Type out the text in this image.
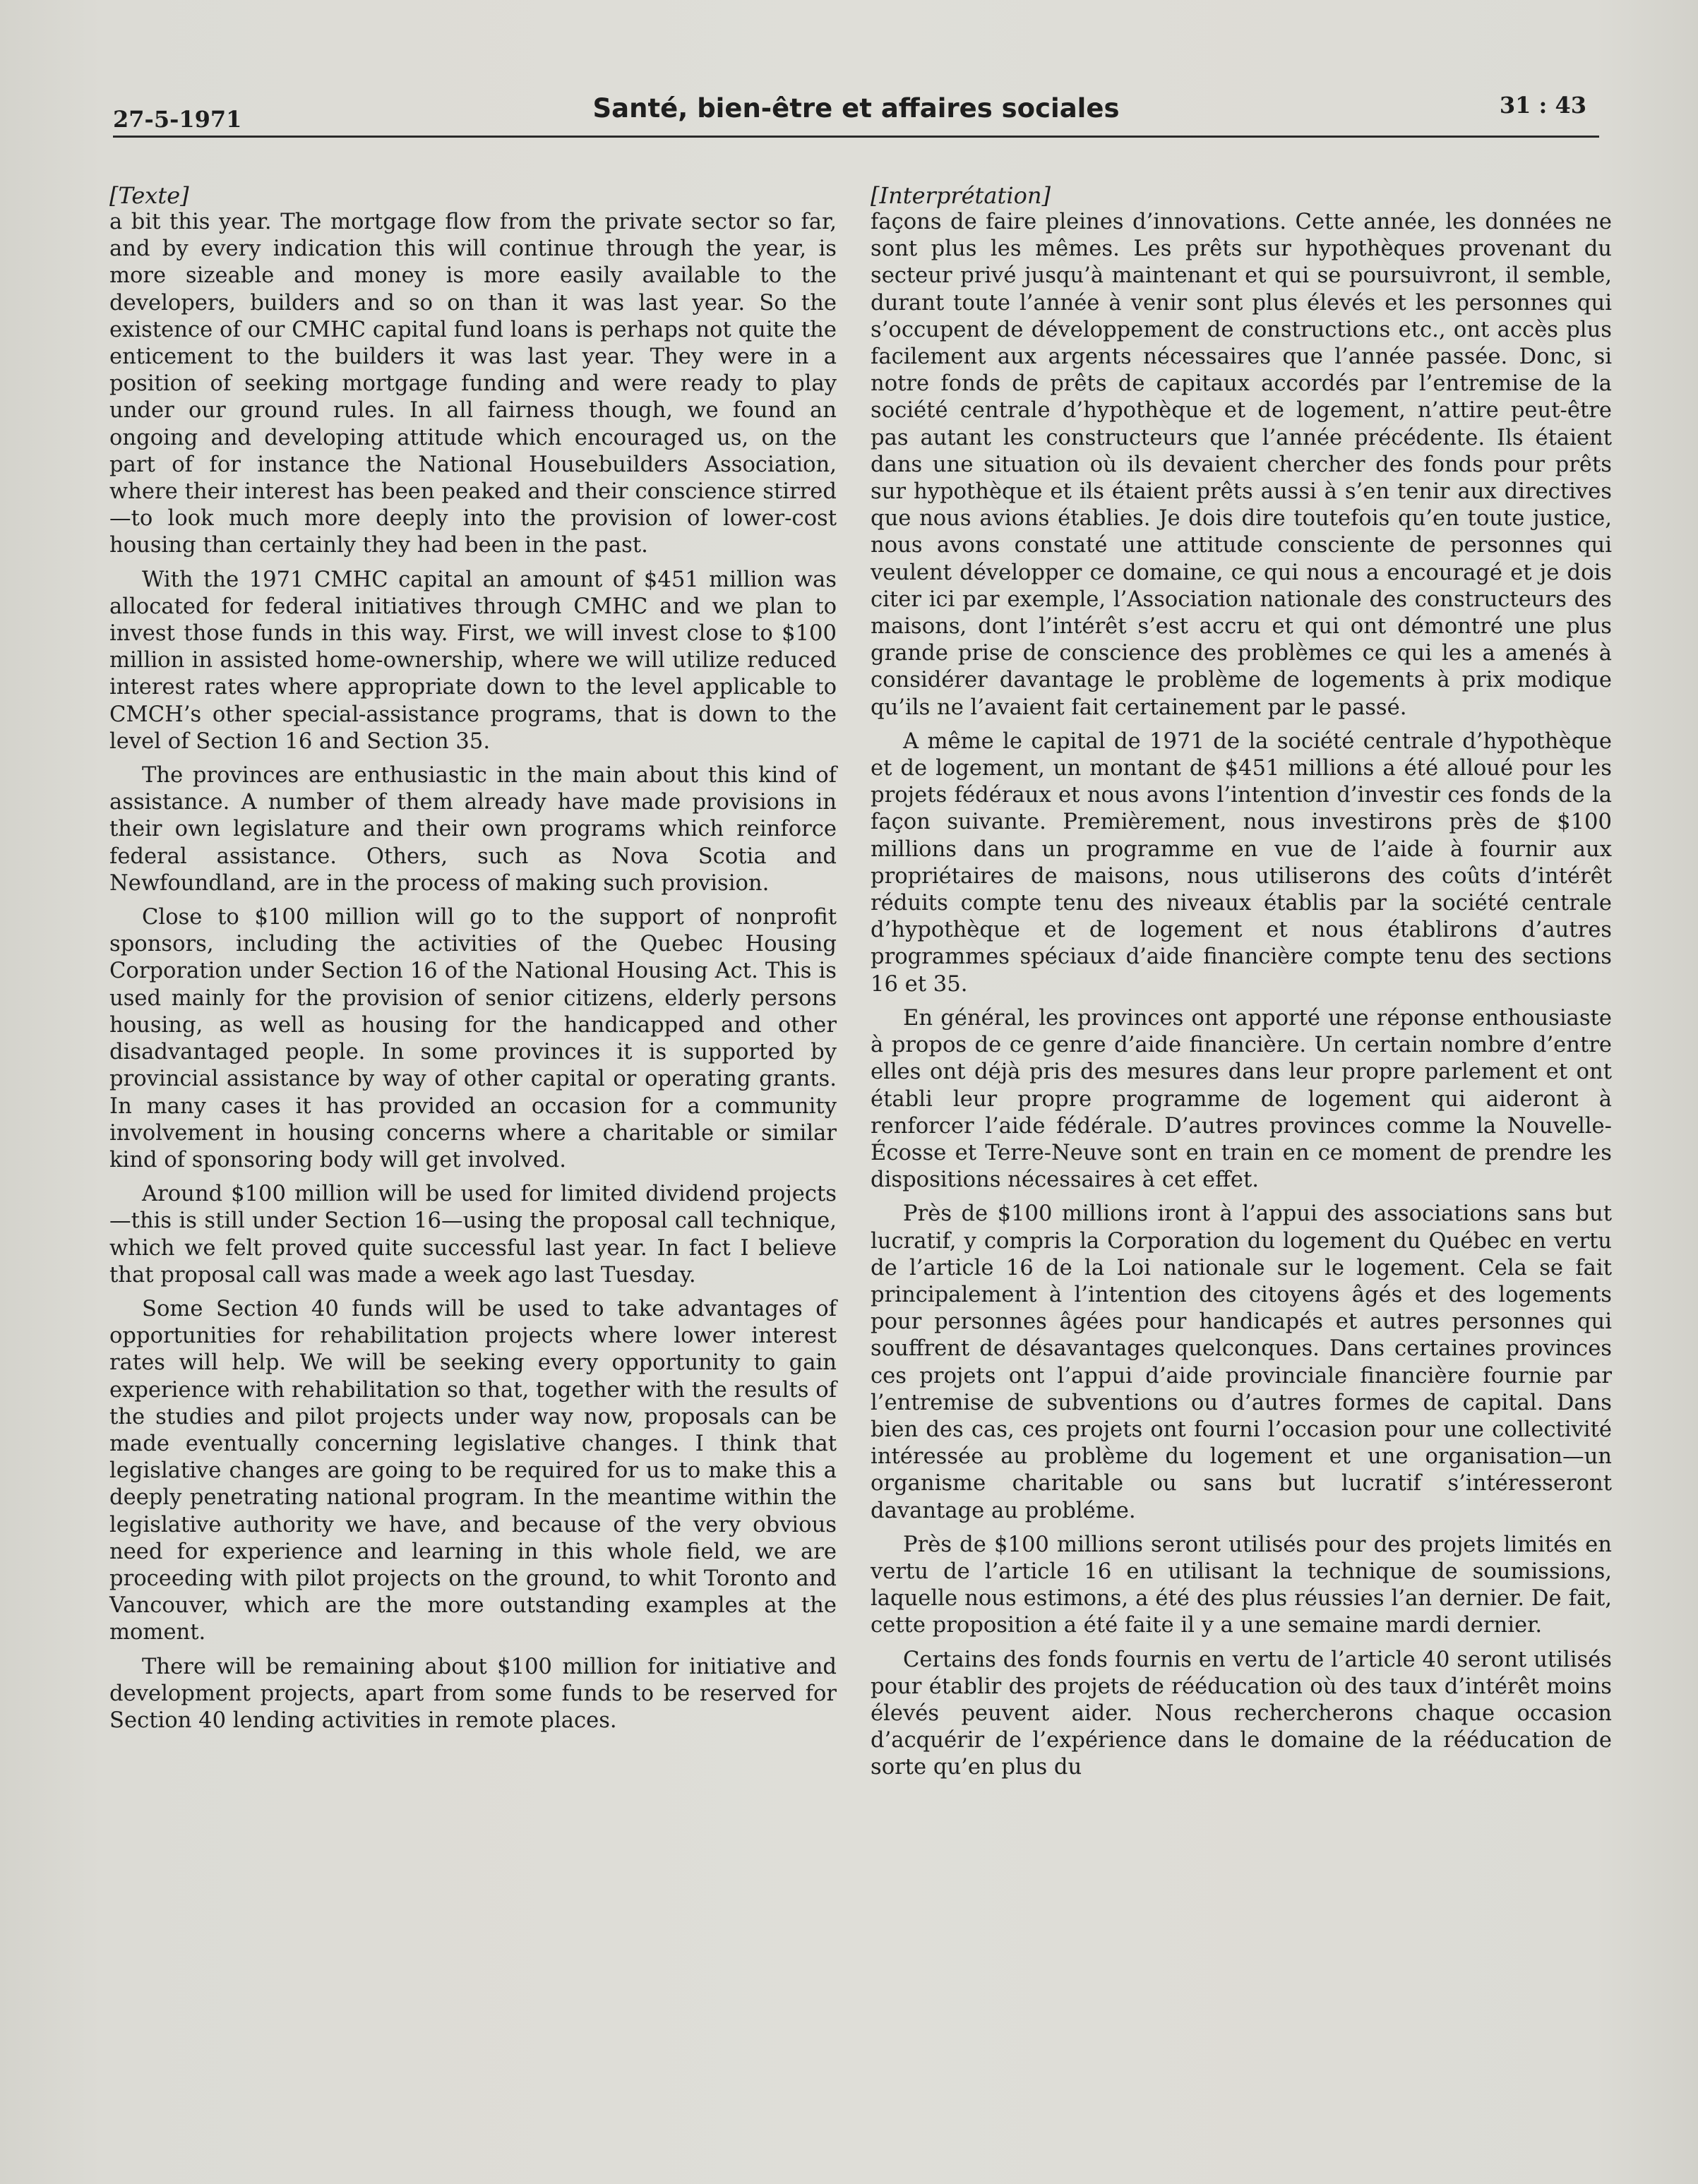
27-5-1971	Santé, bien-être et affaires sociales	31 : 43
[Texte]

a bit this year. The mortgage flow from the private sector so far, and by every indication this will continue through the year, is more sizeable and money is more easily available to the developers, builders and so on than it was last year. So the existence of our CMHC capital fund loans is perhaps not quite the enticement to the builders it was last year. They were in a position of seeking mortgage funding and were ready to play under our ground rules. In all fairness though, we found an ongoing and developing attitude which encouraged us, on the part of for instance the National Housebuilders Association, where their interest has been peaked and their conscience stirred—to look much more deeply into the provision of lower-cost housing than certainly they had been in the past.

With the 1971 CMHC capital an amount of $451 million was allocated for federal initiatives through CMHC and we plan to invest those funds in this way. First, we will invest close to $100 million in assisted home-ownership, where we will utilize reduced interest rates where appropriate down to the level applicable to CMCH’s other special-assistance programs, that is down to the level of Section 16 and Section 35.

The provinces are enthusiastic in the main about this kind of assistance. A number of them already have made provisions in their own legislature and their own programs which reinforce federal assistance. Others, such as Nova Scotia and Newfoundland, are in the process of making such provision.

Close to $100 million will go to the support of nonprofit sponsors, including the activities of the Quebec Housing Corporation under Section 16 of the National Housing Act. This is used mainly for the provision of senior citizens, elderly persons housing, as well as housing for the handicapped and other disadvantaged people. In some provinces it is supported by provincial assistance by way of other capital or operating grants. In many cases it has provided an occasion for a community involvement in housing concerns where a charitable or similar kind of sponsoring body will get involved.

Around $100 million will be used for limited dividend projects—this is still under Section 16—using the proposal call technique, which we felt proved quite successful last year. In fact I believe that proposal call was made a week ago last Tuesday.

Some Section 40 funds will be used to take advantages of opportunities for rehabilitation projects where lower interest rates will help. We will be seeking every opportunity to gain experience with rehabilitation so that, together with the results of the studies and pilot projects under way now, proposals can be made eventually concerning legislative changes. I think that legislative changes are going to be required for us to make this a deeply penetrating national program. In the meantime within the legislative authority we have, and because of the very obvious need for experience and learning in this whole field, we are proceeding with pilot projects on the ground, to whit Toronto and Vancouver, which are the more outstanding examples at the moment.

There will be remaining about $100 million for initiative and development projects, apart from some funds to be reserved for Section 40 lending activities in remote places.

[Interprétation]

façons de faire pleines d’innovations. Cette année, les données ne sont plus les mêmes. Les prêts sur hypothèques provenant du secteur privé jusqu’à maintenant et qui se poursuivront, il semble, durant toute l’année à venir sont plus élevés et les personnes qui s’occupent de développement de constructions etc., ont accès plus facilement aux argents nécessaires que l’année passée. Donc, si notre fonds de prêts de capitaux accordés par l’entremise de la société centrale d’hypothèque et de logement, n’attire peut-être pas autant les constructeurs que l’année précédente. Ils étaient dans une situation où ils devaient chercher des fonds pour prêts sur hypothèque et ils étaient prêts aussi à s’en tenir aux directives que nous avions établies. Je dois dire toutefois qu’en toute justice, nous avons constaté une attitude consciente de personnes qui veulent développer ce domaine, ce qui nous a encouragé et je dois citer ici par exemple, l’Association nationale des constructeurs des maisons, dont l’intérêt s’est accru et qui ont démontré une plus grande prise de conscience des problèmes ce qui les a amenés à considérer davantage le problème de logements à prix modique qu’ils ne l’avaient fait certainement par le passé.

A même le capital de 1971 de la société centrale d’hypothèque et de logement, un montant de $451 millions a été alloué pour les projets fédéraux et nous avons l’intention d’investir ces fonds de la façon suivante. Premièrement, nous investirons près de $100 millions dans un programme en vue de l’aide à fournir aux propriétaires de maisons, nous utiliserons des coûts d’intérêt réduits compte tenu des niveaux établis par la société centrale d’hypothèque et de logement et nous établirons d’autres programmes spéciaux d’aide financière compte tenu des sections 16 et 35.

En général, les provinces ont apporté une réponse enthousiaste à propos de ce genre d’aide financière. Un certain nombre d’entre elles ont déjà pris des mesures dans leur propre parlement et ont établi leur propre programme de logement qui aideront à renforcer l’aide fédérale. D’autres provinces comme la Nouvelle-Écosse et Terre-Neuve sont en train en ce moment de prendre les dispositions nécessaires à cet effet.

Près de $100 millions iront à l’appui des associations sans but lucratif, y compris la Corporation du logement du Québec en vertu de l’article 16 de la Loi nationale sur le logement. Cela se fait principalement à l’intention des citoyens âgés et des logements pour personnes âgées pour handicapés et autres personnes qui souffrent de désavantages quelconques. Dans certaines provinces ces projets ont l’appui d’aide provinciale financière fournie par l’entremise de subventions ou d’autres formes de capital. Dans bien des cas, ces projets ont fourni l’occasion pour une collectivité intéressée au problème du logement et une organisation—un organisme charitable ou sans but lucratif s’intéresseront davantage au probléme.

Près de $100 millions seront utilisés pour des projets limités en vertu de l’article 16 en utilisant la technique de soumissions, laquelle nous estimons, a été des plus réussies l’an dernier. De fait, cette proposition a été faite il y a une semaine mardi dernier.

Certains des fonds fournis en vertu de l’article 40 seront utilisés pour établir des projets de rééducation où des taux d’intérêt moins élevés peuvent aider. Nous rechercherons chaque occasion d’acquérir de l’expérience dans le domaine de la rééducation de sorte qu’en plus du
